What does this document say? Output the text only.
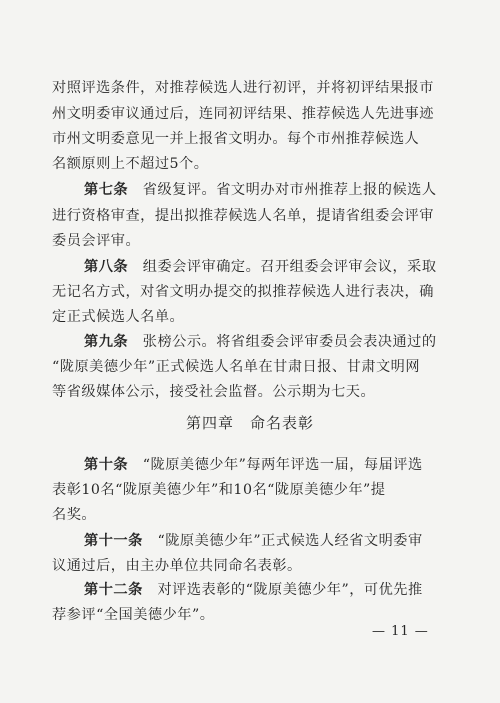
对照评选条件，对推荐候选人进行初评，并将初评结果报市
州文明委审议通过后，连同初评结果、推荐候选人先进事迹
市州文明委意见一并上报省文明办。每个市州推荐候选人
名额原则上不超过5个。
第七条　省级复评。省文明办对市州推荐上报的候选人
进行资格审查，提出拟推荐候选人名单，提请省组委会评审
委员会评审。
第八条　组委会评审确定。召开组委会评审会议，采取
无记名方式，对省文明办提交的拟推荐候选人进行表决，确
定正式候选人名单。
第九条　张榜公示。将省组委会评审委员会表决通过的
“陇原美德少年”正式候选人名单在甘肃日报、甘肃文明网
等省级媒体公示，接受社会监督。公示期为七天。
第四章　命名表彰
第十条　“陇原美德少年”每两年评选一届，每届评选
表彰10名“陇原美德少年”和10名“陇原美德少年”提
名奖。
第十一条　“陇原美德少年”正式候选人经省文明委审
议通过后，由主办单位共同命名表彰。
第十二条　对评选表彰的“陇原美德少年”，可优先推
荐参评“全国美德少年”。
— 11 —
